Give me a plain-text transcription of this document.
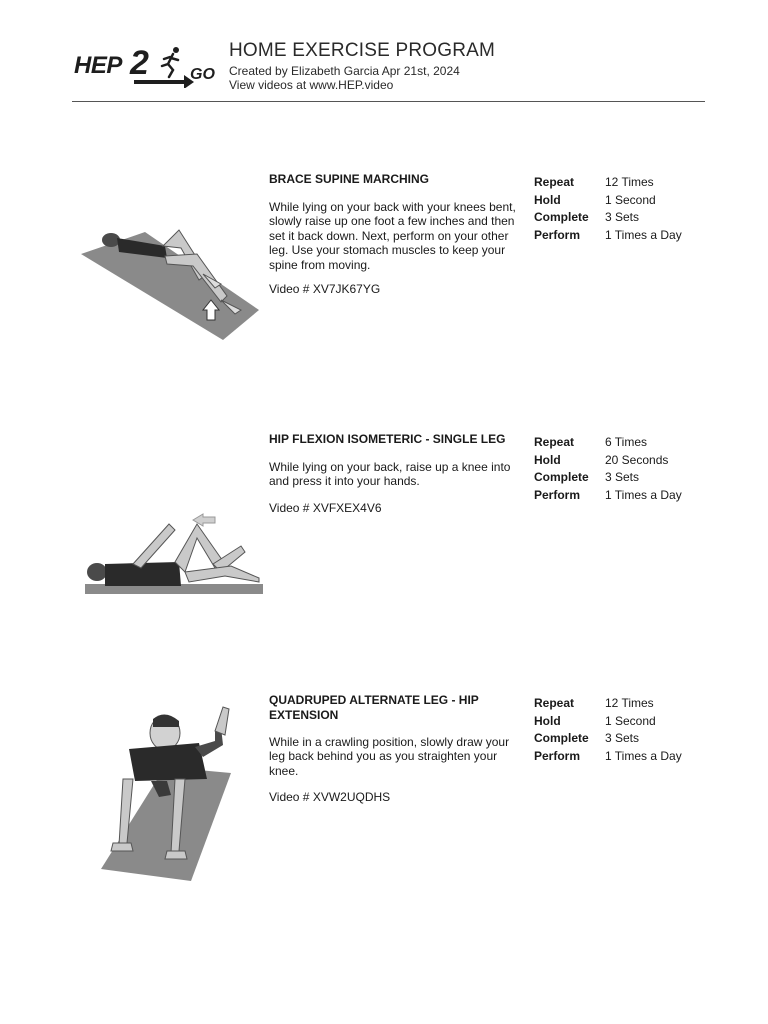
HEP 2	GO
HOME EXERCISE PROGRAM
Created by Elizabeth Garcia Apr 21st, 2024
View videos at www.HEP.video
BRACE SUPINE MARCHING
While lying on your back with your knees bent, slowly raise up one foot a few inches and then set it back down. Next, perform on your other leg. Use your stomach muscles to keep your spine from moving.
Video # XV7JK67YG
Repeat	12 Times
Hold	1 Second
Complete 3 Sets
Perform 1 Times a Day
HIP FLEXION ISOMETERIC - SINGLE LEG
While lying on your back, raise up a knee into and press it into your hands.
Video # XVFXEX4V6
Repeat	6 Times
Hold	20 Seconds
Complete 3 Sets
Perform 1 Times a Day
QUADRUPED ALTERNATE LEG - HIP EXTENSION
While in a crawling position, slowly draw your leg back behind you as you straighten your knee.
Video # XVW2UQDHS
Repeat	12 Times
Hold	1 Second
Complete 3 Sets
Perform 1 Times a Day
